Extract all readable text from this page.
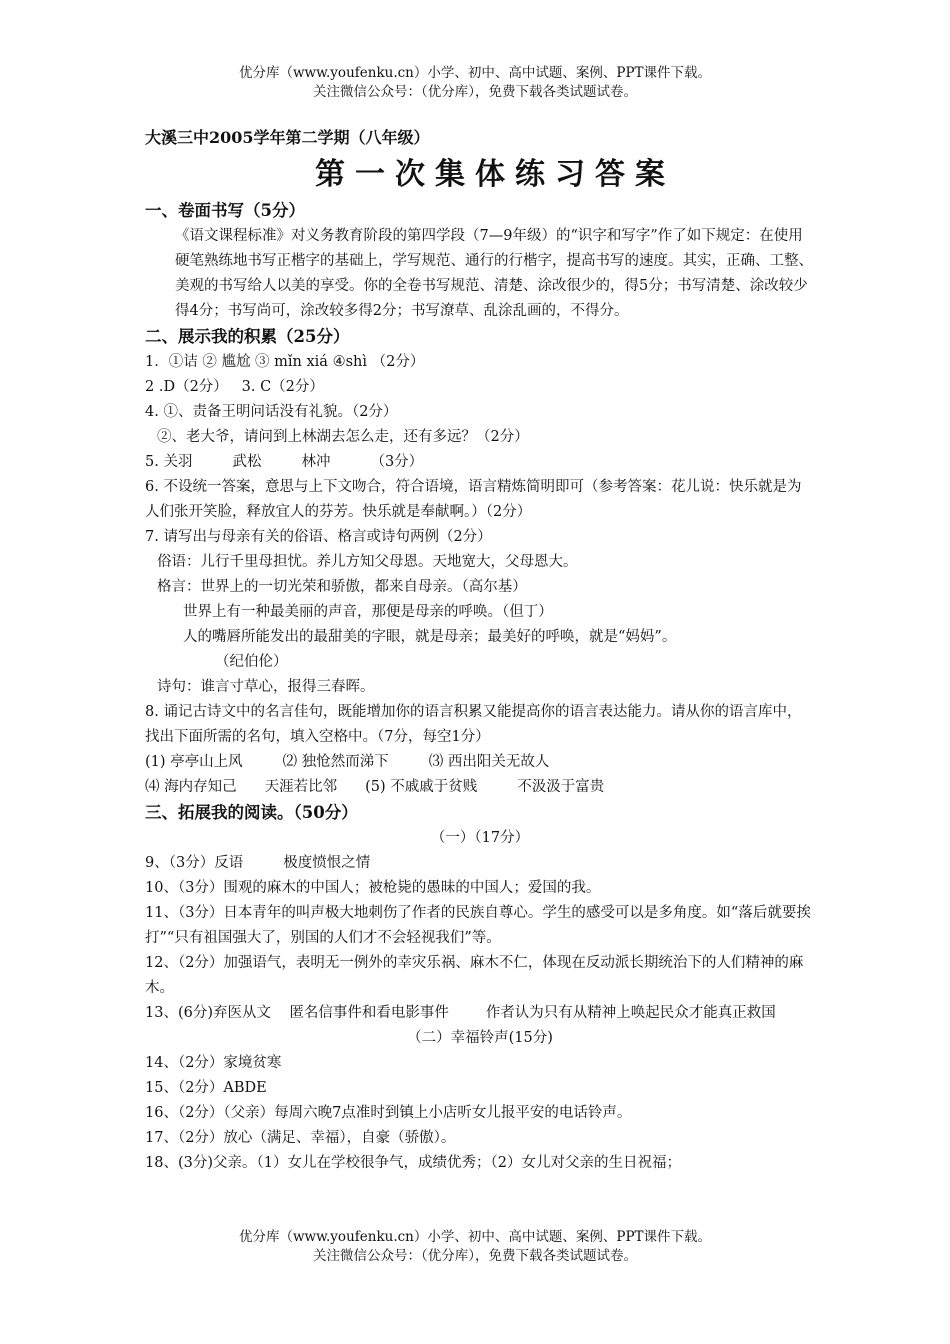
优分库（www.youfenku.cn）小学、初中、高中试题、案例、PPT课件下载。
关注微信公众号：（优分库），免费下载各类试题试卷。
大溪三中2005学年第二学期（八年级）
第一次集体练习答案
一、卷面书写（5分）
《语文课程标准》对义务教育阶段的第四学段（7—9年级）的“识字和写字”作了如下规定：在使用硬笔熟练地书写正楷字的基础上，学写规范、通行的行楷字，提高书写的速度。其实，正确、工整、美观的书写给人以美的享受。你的全卷书写规范、清楚、涂改很少的，得5分；书写清楚、涂改较少得4分；书写尚可，涂改较多得2分；书写潦草、乱涂乱画的，不得分。
二、展示我的积累（25分）
1．①诘 ② 尴尬 ③ mǐn xiá ④shì （2分）
2 .D（2分） 3. C（2分）
4. ①、责备王明问话没有礼貌。（2分）
②、老大爷，请问到上林湖去怎么走，还有多远？（2分）
5. 关羽	武松	林冲	（3分）
6. 不设统一答案，意思与上下文吻合，符合语境，语言精炼简明即可（参考答案：花儿说：快乐就是为人们张开笑脸，释放宜人的芬芳。快乐就是奉献啊。）（2分）
7. 请写出与母亲有关的俗语、格言或诗句两例（2分）
俗语：儿行千里母担忧。养儿方知父母恩。天地宽大，父母恩大。
格言：世界上的一切光荣和骄傲，都来自母亲。（高尔基）
世界上有一种最美丽的声音，那便是母亲的呼唤。（但丁）
人的嘴唇所能发出的最甜美的字眼，就是母亲；最美好的呼唤，就是“妈妈”。
（纪伯伦）
诗句：谁言寸草心，报得三春晖。
8. 诵记古诗文中的名言佳句，既能增加你的语言积累又能提高你的语言表达能力。请从你的语言库中，找出下面所需的名句，填入空格中。（7分，每空1分）
(1) 亭亭山上风	⑵ 独怆然而涕下	⑶ 西出阳关无故人
⑷ 海内存知己 天涯若比邻 (5) 不戚戚于贫贱	不汲汲于富贵
三、拓展我的阅读。（50分）
（一）（17分）
9、（3分）反语	极度愤恨之情
10、（3分）围观的麻木的中国人；被枪毙的愚昧的中国人；爱国的我。
11、（3分）日本青年的叫声极大地刺伤了作者的民族自尊心。学生的感受可以是多角度。如“落后就要挨打”“只有祖国强大了，别国的人们才不会轻视我们”等。
12、（2分）加强语气，表明无一例外的幸灾乐祸、麻木不仁，体现在反动派长期统治下的人们精神的麻木。
13、(6分)弃医从文 匿名信事件和看电影事件	作者认为只有从精神上唤起民众才能真正救国
（二）幸福铃声(15分)
14、（2分）家境贫寒
15、（2分）ABDE
16、（2分）（父亲）每周六晚7点准时到镇上小店听女儿报平安的电话铃声。
17、（2分）放心（满足、幸福），自豪（骄傲）。
18、(3分)父亲。（1）女儿在学校很争气，成绩优秀；（2）女儿对父亲的生日祝福；
优分库（www.youfenku.cn）小学、初中、高中试题、案例、PPT课件下载。
关注微信公众号：（优分库），免费下载各类试题试卷。
